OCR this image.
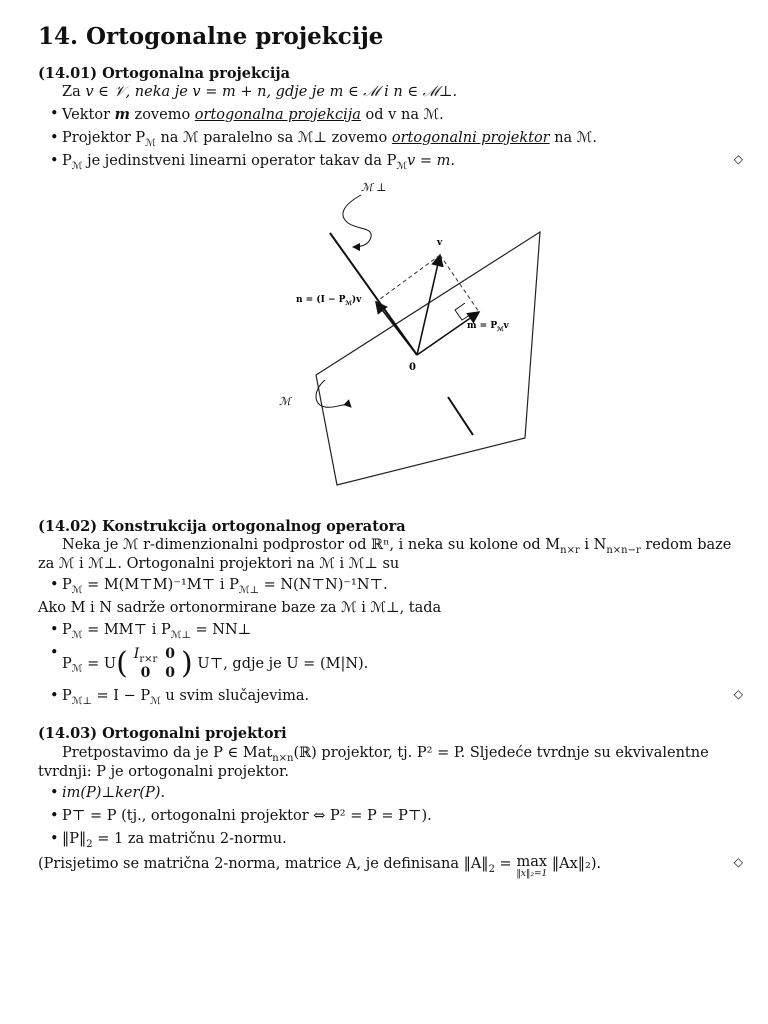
14. Ortogonalne projekcije

(14.01) Ortogonalna projekcija

Za v ∈ 𝒱, neka je v = m + n, gdje je m ∈ ℳ i n ∈ ℳ⊥.

• Vektor m zovemo ortogonalna projekcija od v na ℳ.
• Projektor $P_ℳ$ na ℳ paralelno sa ℳ⊥ zovemo ortogonalni projektor na ℳ.
• $P_ℳ$ je jedinstveni linearni operator takav da $P_ℳv = m$.	◇
ℳ ⊥
v
$n = (I - P_ℳ)v$
$m = P_ℳv$
0
ℳ

(14.02) Konstrukcija ortogonalnog operatora

Neka je ℳ r-dimenzionalni podprostor od ℝⁿ, i neka su kolone od $M_{n\times r}$ i $N_{n\times n-r}$ redom baze

za ℳ i ℳ⊥. Ortogonalni projektori na ℳ i ℳ⊥ su

• $P_ℳ$ = M(M⊤M)⁻¹M⊤ i $P_{ℳ\perp}$ = N(N⊤N)⁻¹N⊤.

Ako M i N sadrže ortonormirane baze za ℳ i ℳ⊥, tada

• $P_ℳ$ = MM⊤ i $P_{ℳ\perp}$ = NN⊥
• $P_ℳ = U$( $I_{r\times r}$	0
0	0 ) U⊤, gdje je U = (M|N).
• $P_{ℳ\perp} = I - P_ℳ$ u svim slučajevima.	◇

(14.03) Ortogonalni projektori

Pretpostavimo da je P ∈ Mat$_{n\times n}$(ℝ) projektor, tj. P² = P. Sljedeće tvrdnje su ekvivalentne

tvrdnji: P je ortogonalni projektor.

• im(P)⊥ker(P).
• P⊤ = P (tj., ortogonalni projektor ⇔ P² = P = P⊤).
• $‖P‖_2 = 1$ za matričnu 2-normu.

(Prisjetimo se matrična 2-norma, matrice A, je definisana $‖A‖_2 = \max$
‖x‖₂=1
‖Ax‖₂).	◇
